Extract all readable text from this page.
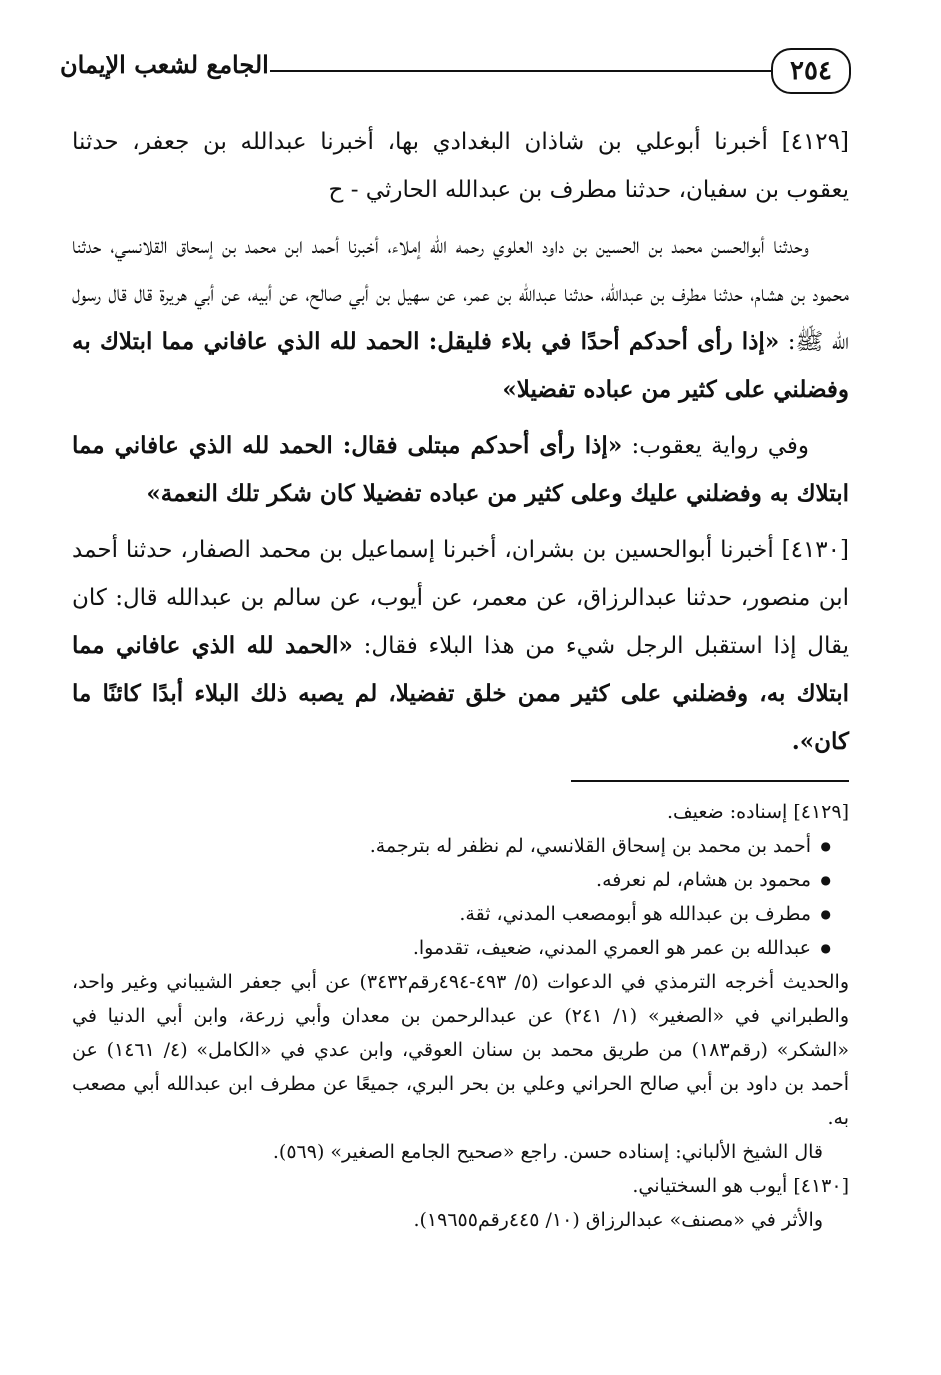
٢٥٤
الجامع لشعب الإيمان

[٤١٢٩] أخبرنا أبوعلي بن شاذان البغدادي بها، أخبرنا عبدالله بن جعفر، حدثنا يعقوب بن سفيان، حدثنا مطرف بن عبدالله الحارثي - ح

وحدثنا أبوالحسن محمد بن الحسين بن داود العلوي رحمه الله إملاء، أخبرنا أحمد ابن محمد بن إسحاق القلانسي، حدثنا محمود بن هشام، حدثنا مطرف بن عبدالله، حدثنا عبدالله بن عمر، عن سهيل بن أبي صالح، عن أبيه، عن أبي هريرة قال قال رسول الله ﷺ: «إذا رأى أحدكم أحدًا في بلاء فليقل: الحمد لله الذي عافاني مما ابتلاك به وفضلني على كثير من عباده تفضيلا»

وفي رواية يعقوب: «إذا رأى أحدكم مبتلى فقال: الحمد لله الذي عافاني مما ابتلاك به وفضلني عليك وعلى كثير من عباده تفضيلا كان شكر تلك النعمة»

[٤١٣٠] أخبرنا أبوالحسين بن بشران، أخبرنا إسماعيل بن محمد الصفار، حدثنا أحمد ابن منصور، حدثنا عبدالرزاق، عن معمر، عن أيوب، عن سالم بن عبدالله قال: كان يقال إذا استقبل الرجل شيء من هذا البلاء فقال: «الحمد لله الذي عافاني مما ابتلاك به، وفضلني على كثير ممن خلق تفضيلا، لم يصبه ذلك البلاء أبدًا كائنًا ما كان».

[٤١٢٩] إسناده: ضعيف.

● أحمد بن محمد بن إسحاق القلانسي، لم نظفر له بترجمة.
● محمود بن هشام، لم نعرفه.
● مطرف بن عبدالله هو أبومصعب المدني، ثقة.
● عبدالله بن عمر هو العمري المدني، ضعيف، تقدموا.

والحديث أخرجه الترمذي في الدعوات (٥/ ٤٩٣-٤٩٤رقم٣٤٣٢) عن أبي جعفر الشيباني وغير واحد، والطبراني في «الصغير» (١/ ٢٤١) عن عبدالرحمن بن معدان وأبي زرعة، وابن أبي الدنيا في «الشكر» (رقم١٨٣) من طريق محمد بن سنان العوقي، وابن عدي في «الكامل» (٤/ ١٤٦١) عن أحمد بن داود بن أبي صالح الحراني وعلي بن بحر البري، جميعًا عن مطرف ابن عبدالله أبي مصعب به.

قال الشيخ الألباني: إسناده حسن. راجع «صحيح الجامع الصغير» (٥٦٩).

[٤١٣٠] أيوب هو السختياني.

والأثر في «مصنف» عبدالرزاق (١٠/ ٤٤٥رقم١٩٦٥٥).
